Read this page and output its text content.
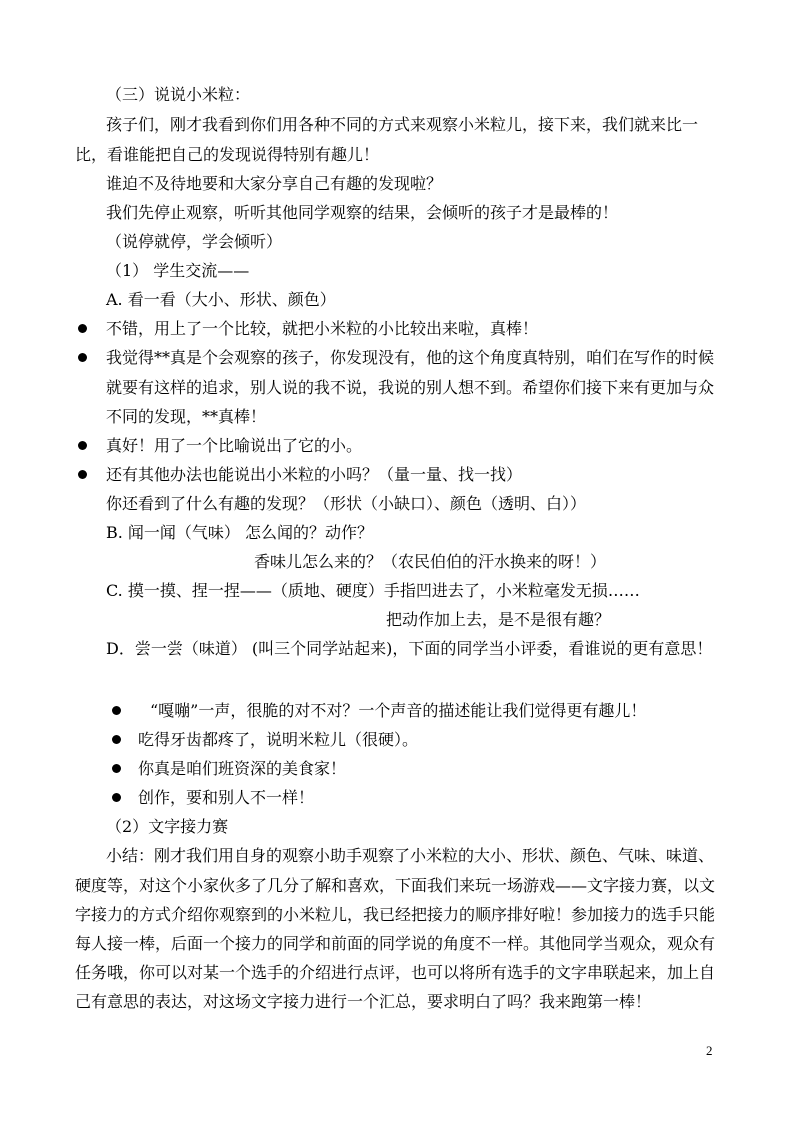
（三）说说小米粒：
孩子们，刚才我看到你们用各种不同的方式来观察小米粒儿，接下来，我们就来比一
比，看谁能把自己的发现说得特别有趣儿！
谁迫不及待地要和大家分享自己有趣的发现啦？
我们先停止观察，听听其他同学观察的结果，会倾听的孩子才是最棒的！
（说停就停，学会倾听）
（1） 学生交流——
A. 看一看（大小、形状、颜色）
不错，用上了一个比较，就把小米粒的小比较出来啦，真棒！
我觉得**真是个会观察的孩子，你发现没有，他的这个角度真特别，咱们在写作的时候
就要有这样的追求，别人说的我不说，我说的别人想不到。希望你们接下来有更加与众
不同的发现，**真棒！
真好！用了一个比喻说出了它的小。
还有其他办法也能说出小米粒的小吗？（量一量、找一找）
你还看到了什么有趣的发现？（形状（小缺口）、颜色（透明、白））
B. 闻一闻（气味） 怎么闻的？动作？
香味儿怎么来的？（农民伯伯的汗水换来的呀！）
C. 摸一摸、捏一捏——（质地、硬度）手指凹进去了，小米粒毫发无损……
把动作加上去，是不是很有趣？
D．尝一尝（味道） (叫三个同学站起来)，下面的同学当小评委，看谁说的更有意思！
“嘎嘣”一声，很脆的对不对？一个声音的描述能让我们觉得更有趣儿！
吃得牙齿都疼了，说明米粒儿（很硬）。
你真是咱们班资深的美食家！
创作，要和别人不一样！
（2）文字接力赛
小结：刚才我们用自身的观察小助手观察了小米粒的大小、形状、颜色、气味、味道、
硬度等，对这个小家伙多了几分了解和喜欢，下面我们来玩一场游戏——文字接力赛，以文
字接力的方式介绍你观察到的小米粒儿，我已经把接力的顺序排好啦！参加接力的选手只能
每人接一棒，后面一个接力的同学和前面的同学说的角度不一样。其他同学当观众，观众有
任务哦，你可以对某一个选手的介绍进行点评，也可以将所有选手的文字串联起来，加上自
己有意思的表达，对这场文字接力进行一个汇总，要求明白了吗？我来跑第一棒！
2
